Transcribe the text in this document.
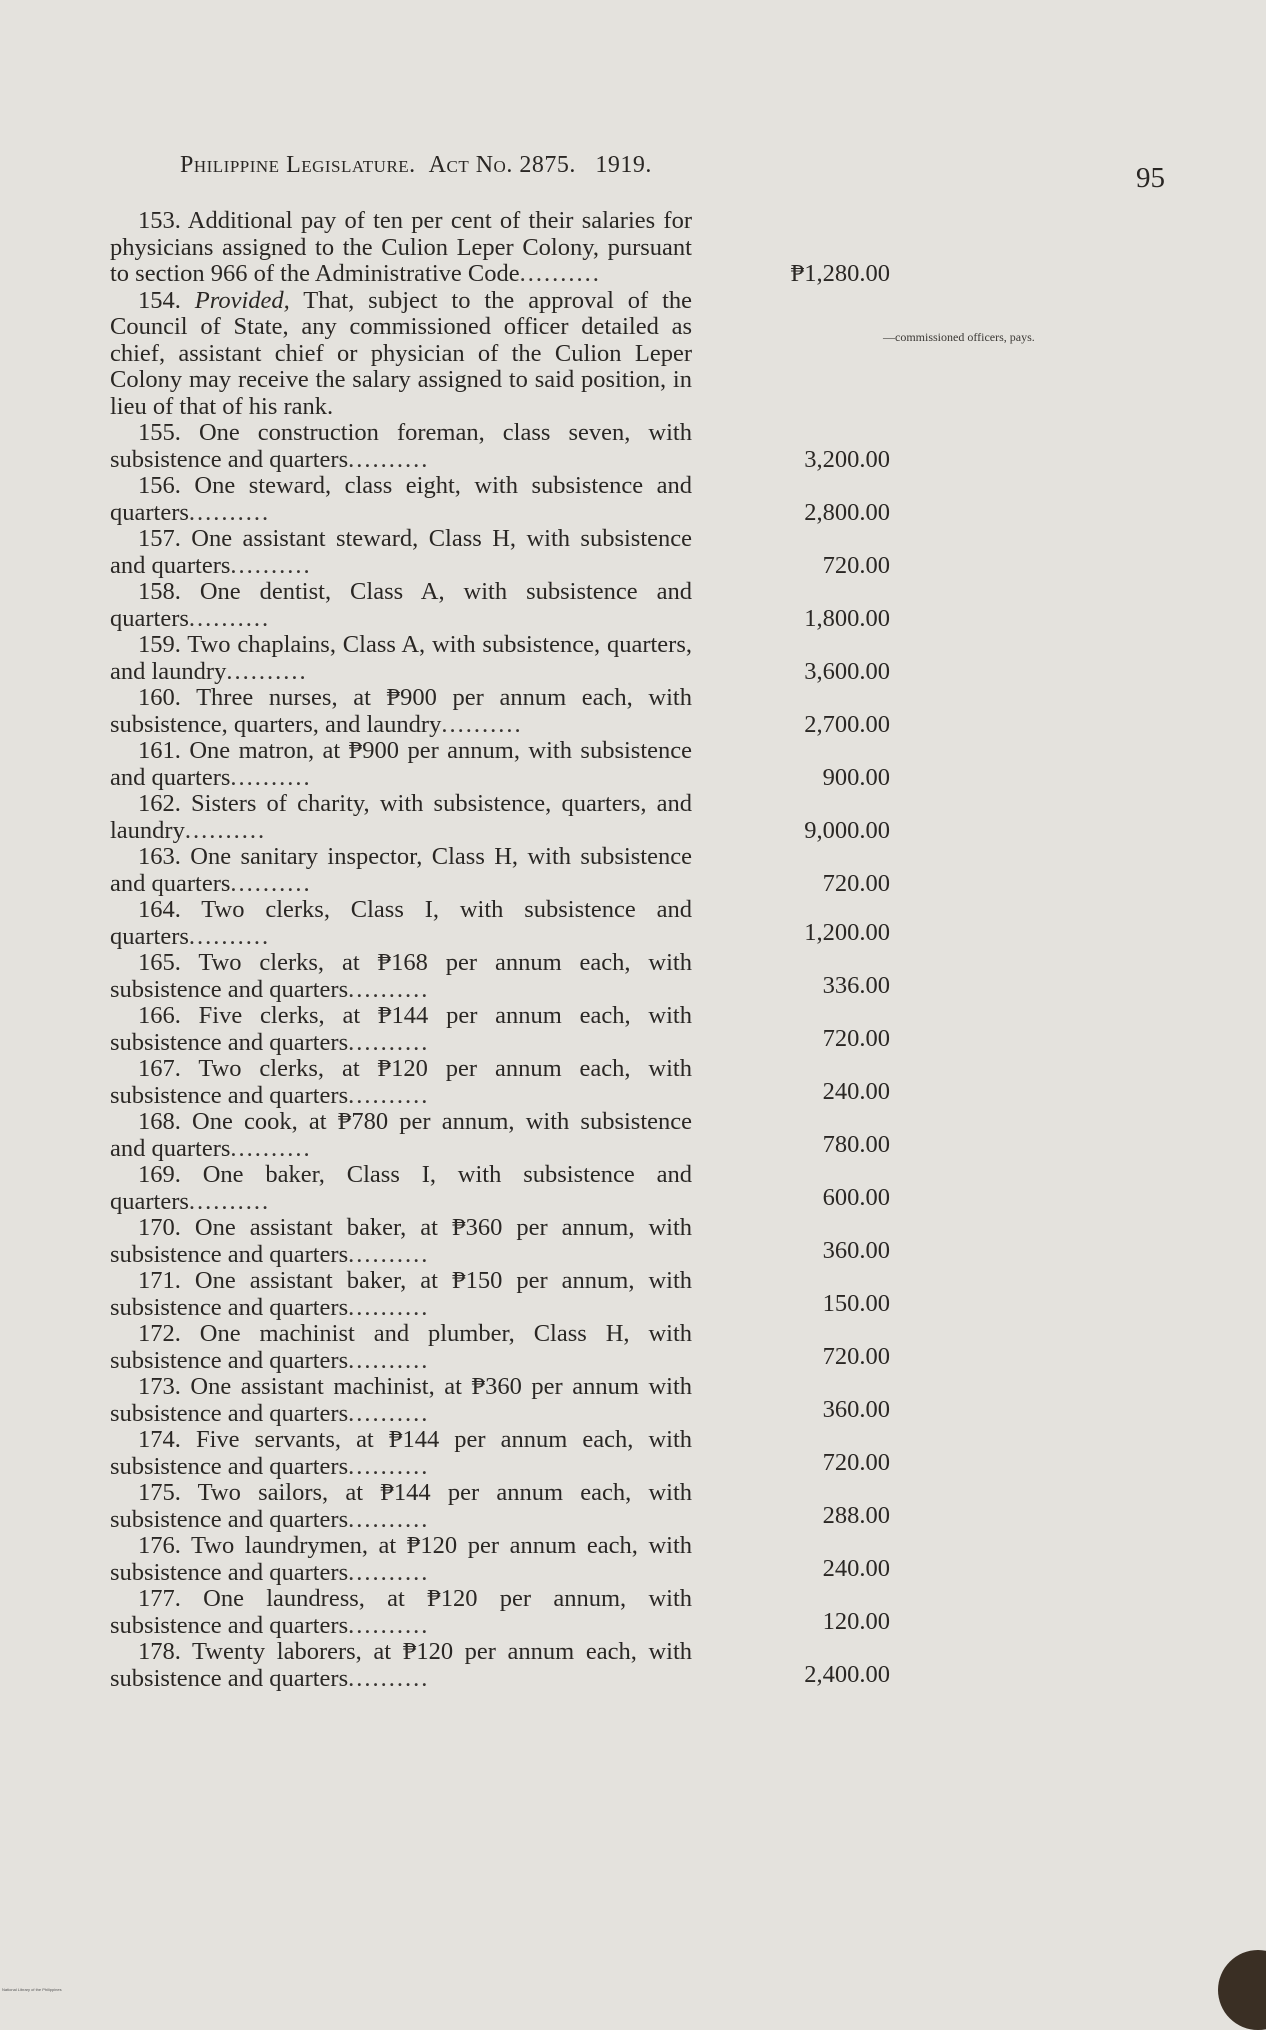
Philippine Legislature. Act No. 2875. 1919.	95
—commissioned officers, pays.
153. Additional pay of ten per cent of their salaries for physicians assigned to the Culion Leper Colony, pursuant to section 966 of the Administrative Code..........	₱1,280.00
154. Provided, That, subject to the approval of the Council of State, any commissioned officer detailed as chief, assistant chief or physician of the Culion Leper Colony may receive the salary assigned to said position, in lieu of that of his rank.
155. One construction foreman, class seven, with subsistence and quarters..........	3,200.00
156. One steward, class eight, with subsistence and quarters..........	2,800.00
157. One assistant steward, Class H, with subsistence and quarters..........	720.00
158. One dentist, Class A, with subsistence and quarters..........	1,800.00
159. Two chaplains, Class A, with subsistence, quarters, and laundry..........	3,600.00
160. Three nurses, at ₱900 per annum each, with subsistence, quarters, and laundry..........	2,700.00
161. One matron, at ₱900 per annum, with subsistence and quarters..........	900.00
162. Sisters of charity, with subsistence, quarters, and laundry..........	9,000.00
163. One sanitary inspector, Class H, with subsistence and quarters..........	720.00
164. Two clerks, Class I, with subsistence and quarters..........	1,200.00
165. Two clerks, at ₱168 per annum each, with subsistence and quarters..........	336.00
166. Five clerks, at ₱144 per annum each, with subsistence and quarters..........	720.00
167. Two clerks, at ₱120 per annum each, with subsistence and quarters..........	240.00
168. One cook, at ₱780 per annum, with subsistence and quarters..........	780.00
169. One baker, Class I, with subsistence and quarters..........	600.00
170. One assistant baker, at ₱360 per annum, with subsistence and quarters..........	360.00
171. One assistant baker, at ₱150 per annum, with subsistence and quarters..........	150.00
172. One machinist and plumber, Class H, with subsistence and quarters..........	720.00
173. One assistant machinist, at ₱360 per annum with subsistence and quarters..........	360.00
174. Five servants, at ₱144 per annum each, with subsistence and quarters..........	720.00
175. Two sailors, at ₱144 per annum each, with subsistence and quarters..........	288.00
176. Two laundrymen, at ₱120 per annum each, with subsistence and quarters..........	240.00
177. One laundress, at ₱120 per annum, with subsistence and quarters..........	120.00
178. Twenty laborers, at ₱120 per annum each, with subsistence and quarters..........	2,400.00
National Library of the Philippines
